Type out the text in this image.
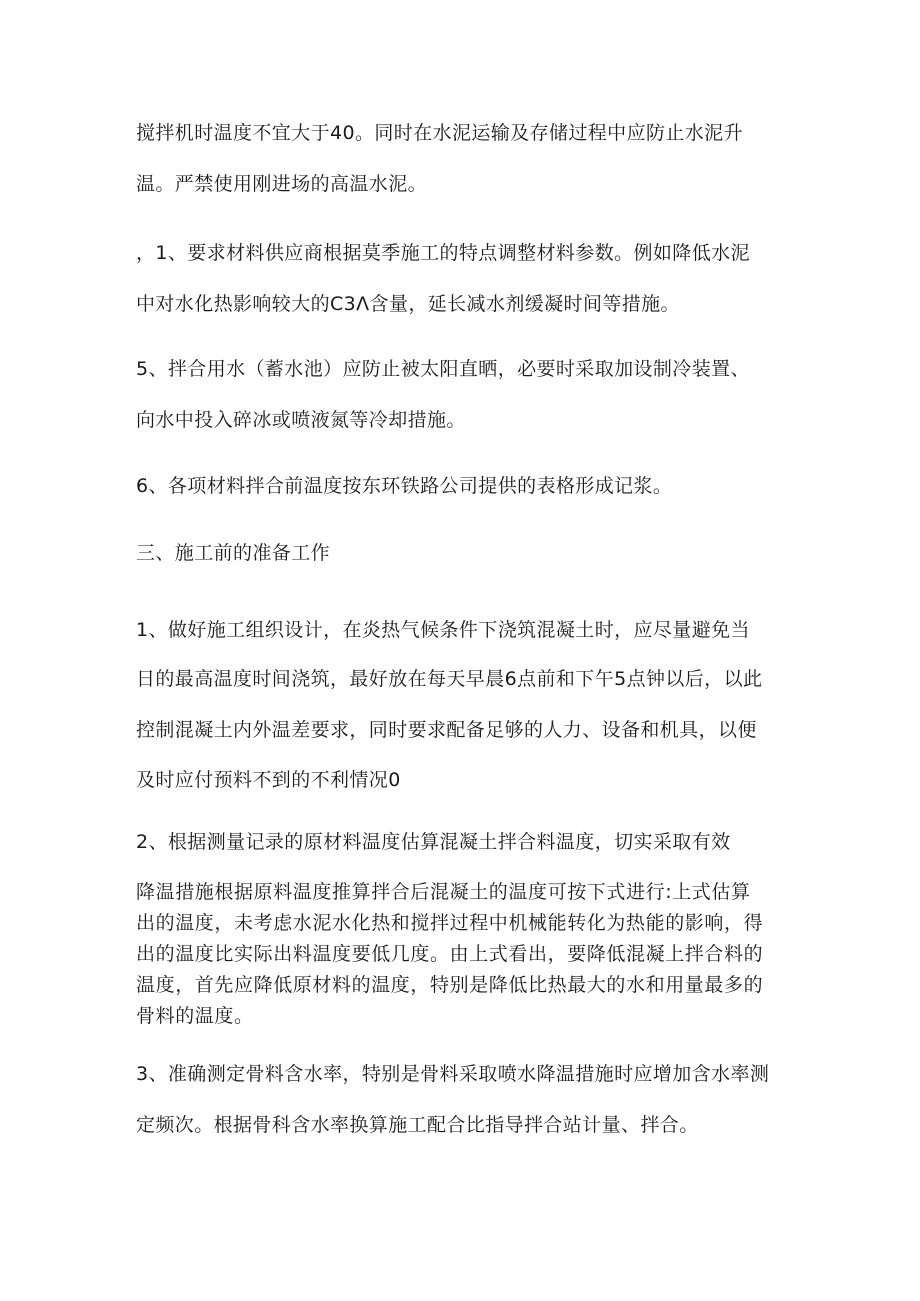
搅拌机时温度不宜大于40。同时在水泥运输及存储过程中应防止水泥升
温。严禁使用刚进场的高温水泥。
，1、要求材料供应商根据莫季施工的特点调整材料参数。例如降低水泥
中对水化热影响较大的C3Λ含量，延长减水剂缓凝时间等措施。
5、拌合用水（蓄水池）应防止被太阳直晒，必要时采取加设制冷装置、
向水中投入碎冰或喷液氮等冷却措施。
6、各项材料拌合前温度按东环铁路公司提供的表格形成记浆。
三、施工前的准备工作
1、做好施工组织设计，在炎热气候条件下浇筑混凝土时，应尽量避免当
日的最高温度时间浇筑，最好放在每天早晨6点前和下午5点钟以后，以此
控制混凝土内外温差要求，同时要求配备足够的人力、设备和机具，以便
及时应付预料不到的不利情况0
2、根据测量记录的原材料温度估算混凝土拌合料温度，切实采取有效
降温措施根据原料温度推算拌合后混凝土的温度可按下式进行:上式估算
出的温度，未考虑水泥水化热和搅拌过程中机械能转化为热能的影响，得
出的温度比实际出料温度要低几度。由上式看出，要降低混凝上拌合料的
温度，首先应降低原材料的温度，特别是降低比热最大的水和用量最多的
骨料的温度。
3、准确测定骨料含水率，特别是骨料采取喷水降温措施时应增加含水率测
定频次。根据骨科含水率换算施工配合比指导拌合站计量、拌合。
